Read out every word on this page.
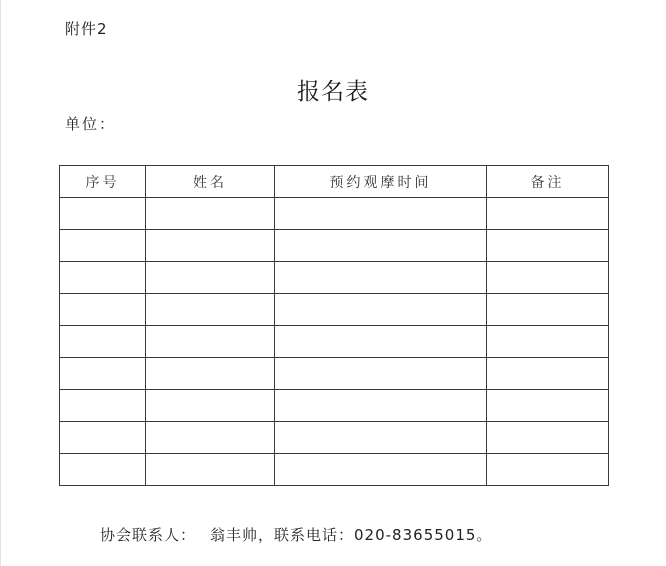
附件2
报名表
单位：
序号	姓名	预约观摩时间	备注

协会联系人： 翁丰帅，联系电话：020-83655015。
